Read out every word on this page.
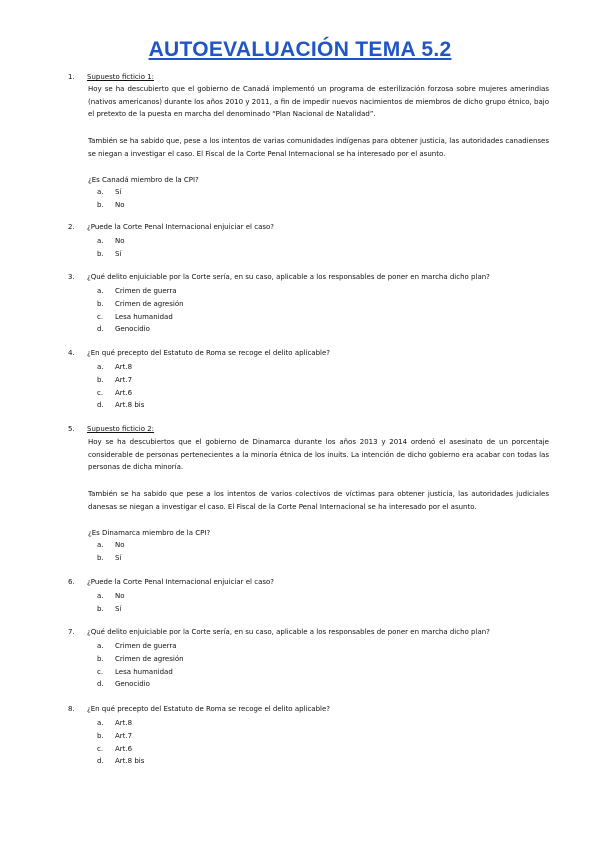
AUTOEVALUACIÓN TEMA 5.2
1.	Supuesto ficticio 1:
Hoy se ha descubierto que el gobierno de Canadá implementó un programa de esterilización forzosa sobre mujeres amerindias (nativos americanos) durante los años 2010 y 2011, a fin de impedir nuevos nacimientos de miembros de dicho grupo étnico, bajo el pretexto de la puesta en marcha del denominado “Plan Nacional de Natalidad”.
También se ha sabido que, pese a los intentos de varias comunidades indígenas para obtener justicia, las autoridades canadienses se niegan a investigar el caso. El Fiscal de la Corte Penal Internacional se ha interesado por el asunto.
¿Es Canadá miembro de la CPI?
a. Sí
b. No
2.	¿Puede la Corte Penal Internacional enjuiciar el caso?
a. No
b. Sí
3.	¿Qué delito enjuiciable por la Corte sería, en su caso, aplicable a los responsables de poner en marcha dicho plan?
a. Crimen de guerra
b. Crimen de agresión
c. Lesa humanidad
d. Genocidio
4.	¿En qué precepto del Estatuto de Roma se recoge el delito aplicable?
a. Art.8
b. Art.7
c. Art.6
d. Art.8 bis
5.	Supuesto ficticio 2:
Hoy se ha descubiertos que el gobierno de Dinamarca durante los años 2013 y 2014 ordenó el asesinato de un porcentaje considerable de personas pertenecientes a la minoría étnica de los inuits. La intención de dicho gobierno era acabar con todas las personas de dicha minoría.
También se ha sabido que pese a los intentos de varios colectivos de víctimas para obtener justicia, las autoridades judiciales danesas se niegan a investigar el caso. El Fiscal de la Corte Penal Internacional se ha interesado por el asunto.
¿Es Dinamarca miembro de la CPI?
a. No
b. Sí
6.	¿Puede la Corte Penal Internacional enjuiciar el caso?
a. No
b. Sí
7.	¿Qué delito enjuiciable por la Corte sería, en su caso, aplicable a los responsables de poner en marcha dicho plan?
a. Crimen de guerra
b. Crimen de agresión
c. Lesa humanidad
d. Genocidio
8.	¿En qué precepto del Estatuto de Roma se recoge el delito aplicable?
a. Art.8
b. Art.7
c. Art.6
d. Art.8 bis
